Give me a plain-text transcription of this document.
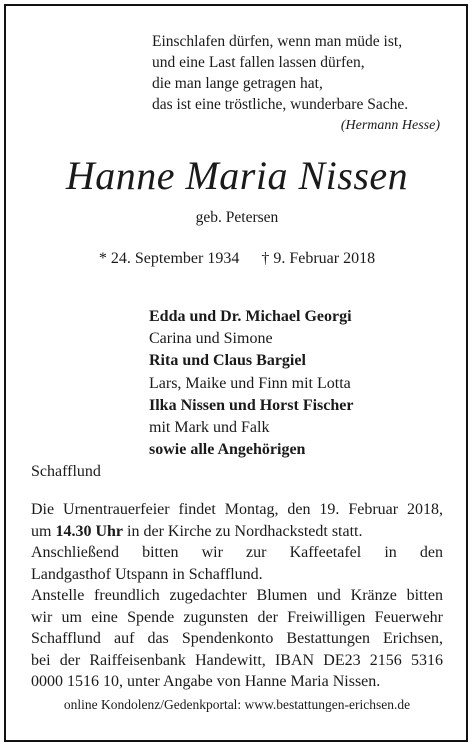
Einschlafen dürfen, wenn man müde ist,
und eine Last fallen lassen dürfen,
die man lange getragen hat,
das ist eine tröstliche, wunderbare Sache.
(Hermann Hesse)
Hanne Maria Nissen
geb. Petersen
* 24. September 1934 † 9. Februar 2018
Edda und Dr. Michael Georgi
Carina und Simone
Rita und Claus Bargiel
Lars, Maike und Finn mit Lotta
Ilka Nissen und Horst Fischer
mit Mark und Falk
sowie alle Angehörigen
Schafflund
Die Urnentrauerfeier findet Montag, den 19. Februar 2018,
um 14.30 Uhr in der Kirche zu Nordhackstedt statt.
Anschließend bitten wir zur Kaffeetafel in den
Landgasthof Utspann in Schafflund.
Anstelle freundlich zugedachter Blumen und Kränze bitten
wir um eine Spende zugunsten der Freiwilligen Feuerwehr
Schafflund auf das Spendenkonto Bestattungen Erichsen,
bei der Raiffeisenbank Handewitt, IBAN DE23 2156 5316
0000 1516 10, unter Angabe von Hanne Maria Nissen.
online Kondolenz/Gedenkportal: www.bestattungen-erichsen.de
